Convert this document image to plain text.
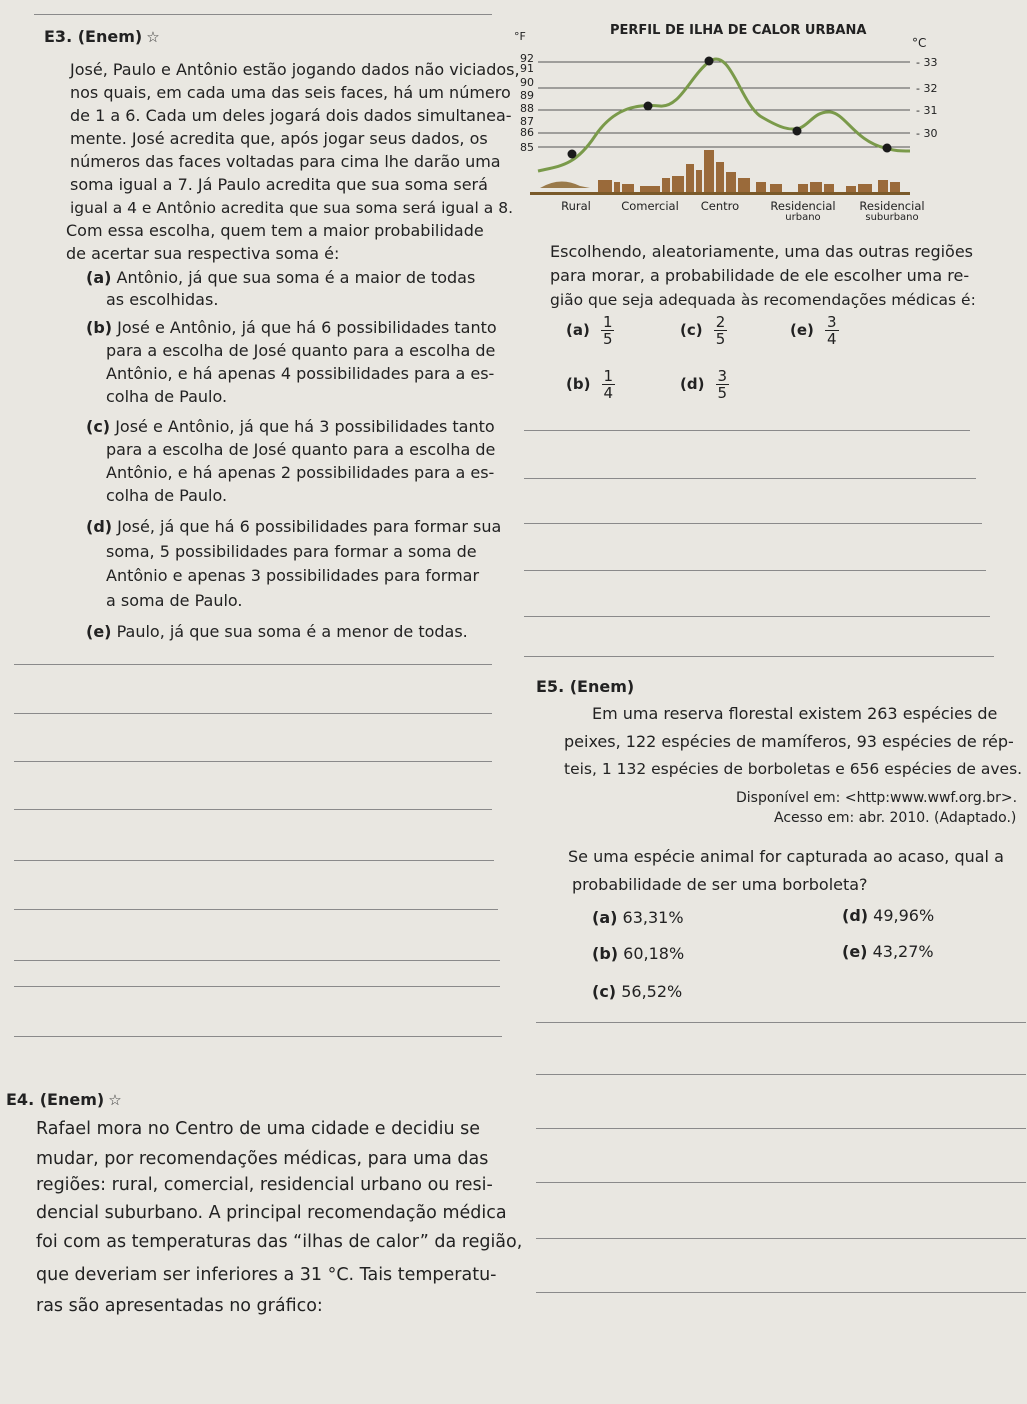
E3. (Enem) ☆
José, Paulo e Antônio estão jogando dados não viciados,
nos quais, em cada uma das seis faces, há um número
de 1 a 6. Cada um deles jogará dois dados simultanea-
mente. José acredita que, após jogar seus dados, os
números das faces voltadas para cima lhe darão uma
soma igual a 7. Já Paulo acredita que sua soma será
igual a 4 e Antônio acredita que sua soma será igual a 8.
Com essa escolha, quem tem a maior probabilidade
de acertar sua respectiva soma é:
(a) Antônio, já que sua soma é a maior de todas
as escolhidas.
(b) José e Antônio, já que há 6 possibilidades tanto
para a escolha de José quanto para a escolha de
Antônio, e há apenas 4 possibilidades para a es-
colha de Paulo.
(c) José e Antônio, já que há 3 possibilidades tanto
para a escolha de José quanto para a escolha de
Antônio, e há apenas 2 possibilidades para a es-
colha de Paulo.
(d) José, já que há 6 possibilidades para formar sua
soma, 5 possibilidades para formar a soma de
Antônio e apenas 3 possibilidades para formar
a soma de Paulo.
(e) Paulo, já que sua soma é a menor de todas.
PERFIL DE ILHA DE CALOR URBANA
°F	°C
92
91
90
89
88
87
86
85
- 33
- 32
- 31
- 30
Rural	Comercial Centro	Residencial
urbano
Residencial
suburbano
Escolhendo, aleatoriamente, uma das outras regiões
para morar, a probabilidade de ele escolher uma re-
gião que seja adequada às recomendações médicas é:
$(a) \frac{1}{5}$
$(b) \frac{1}{4}$
$(c) \frac{2}{5}$
$(d) \frac{3}{5}$
$(e) \frac{3}{4}$
E5. (Enem)
Em uma reserva florestal existem 263 espécies de
peixes, 122 espécies de mamíferos, 93 espécies de rép-
teis, 1 132 espécies de borboletas e 656 espécies de aves.
Disponível em: <http:www.wwf.org.br>.
Acesso em: abr. 2010. (Adaptado.)
Se uma espécie animal for capturada ao acaso, qual a
probabilidade de ser uma borboleta?
(a) 63,31%
(b) 60,18%
(c) 56,52%
(d) 49,96%
(e) 43,27%
E4. (Enem) ☆
Rafael mora no Centro de uma cidade e decidiu se
mudar, por recomendações médicas, para uma das
regiões: rural, comercial, residencial urbano ou resi-
dencial suburbano. A principal recomendação médica
foi com as temperaturas das “ilhas de calor” da região,
que deveriam ser inferiores a 31 °C. Tais temperatu-
ras são apresentadas no gráfico:
